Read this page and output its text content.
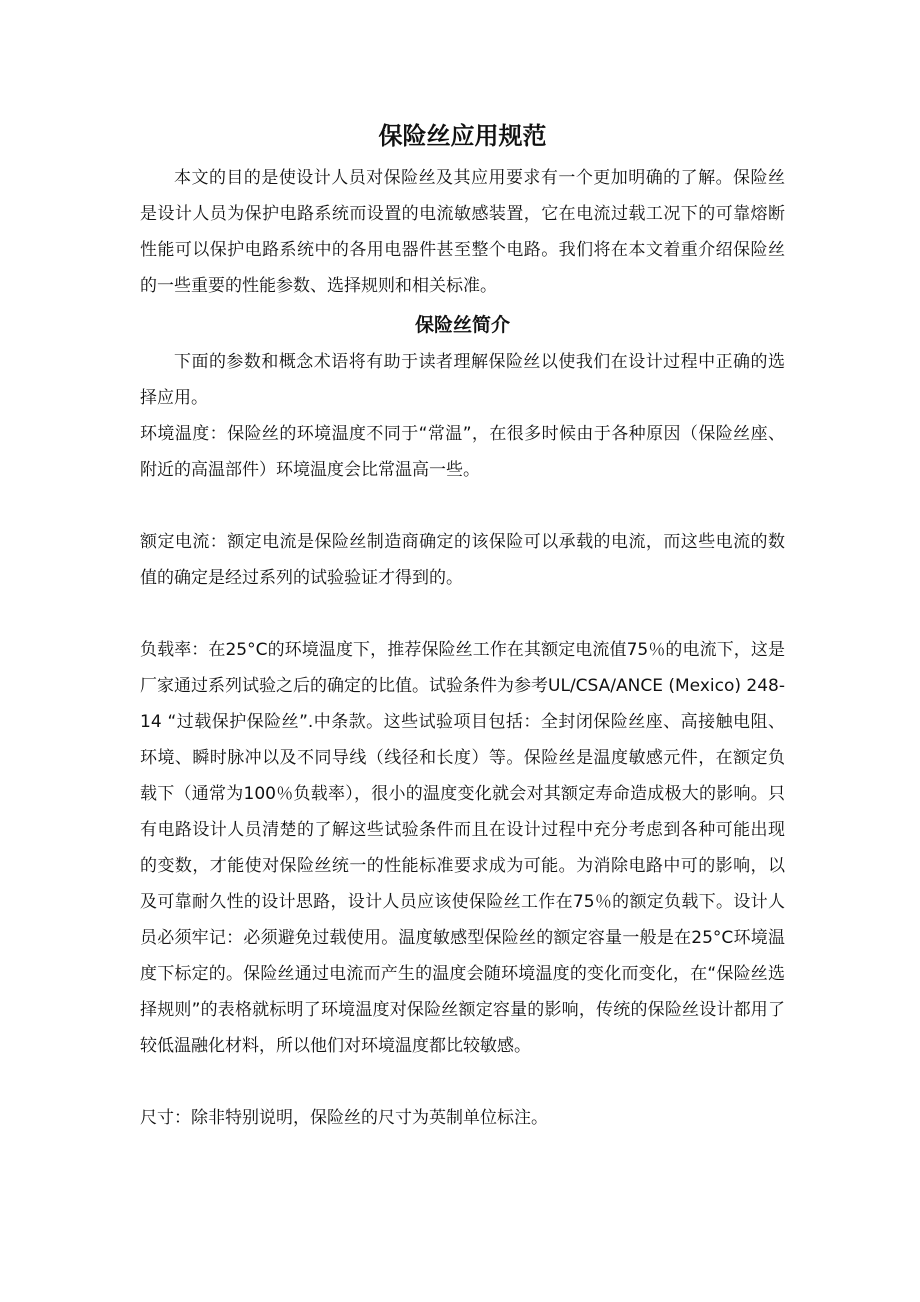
保险丝应用规范

本文的目的是使设计人员对保险丝及其应用要求有一个更加明确的了解。保险丝是设计人员为保护电路系统而设置的电流敏感装置，它在电流过载工况下的可靠熔断性能可以保护电路系统中的各用电器件甚至整个电路。我们将在本文着重介绍保险丝的一些重要的性能参数、选择规则和相关标准。

保险丝简介

下面的参数和概念术语将有助于读者理解保险丝以使我们在设计过程中正确的选择应用。

环境温度：保险丝的环境温度不同于“常温”，在很多时候由于各种原因（保险丝座、附近的高温部件）环境温度会比常温高一些。

额定电流：额定电流是保险丝制造商确定的该保险可以承载的电流，而这些电流的数值的确定是经过系列的试验验证才得到的。

负载率：在25°C的环境温度下，推荐保险丝工作在其额定电流值75％的电流下，这是厂家通过系列试验之后的确定的比值。试验条件为参考UL/CSA/ANCE (Mexico) 248-14 “过载保护保险丝”.中条款。这些试验项目包括：全封闭保险丝座、高接触电阻、环境、瞬时脉冲以及不同导线（线径和长度）等。保险丝是温度敏感元件，在额定负载下（通常为100％负载率），很小的温度变化就会对其额定寿命造成极大的影响。只有电路设计人员清楚的了解这些试验条件而且在设计过程中充分考虑到各种可能出现的变数，才能使对保险丝统一的性能标准要求成为可能。为消除电路中可的影响，以及可靠耐久性的设计思路，设计人员应该使保险丝工作在75％的额定负载下。设计人员必须牢记：必须避免过载使用。温度敏感型保险丝的额定容量一般是在25°C环境温度下标定的。保险丝通过电流而产生的温度会随环境温度的变化而变化，在“保险丝选择规则”的表格就标明了环境温度对保险丝额定容量的影响，传统的保险丝设计都用了较低温融化材料，所以他们对环境温度都比较敏感。

尺寸：除非特别说明，保险丝的尺寸为英制单位标注。
